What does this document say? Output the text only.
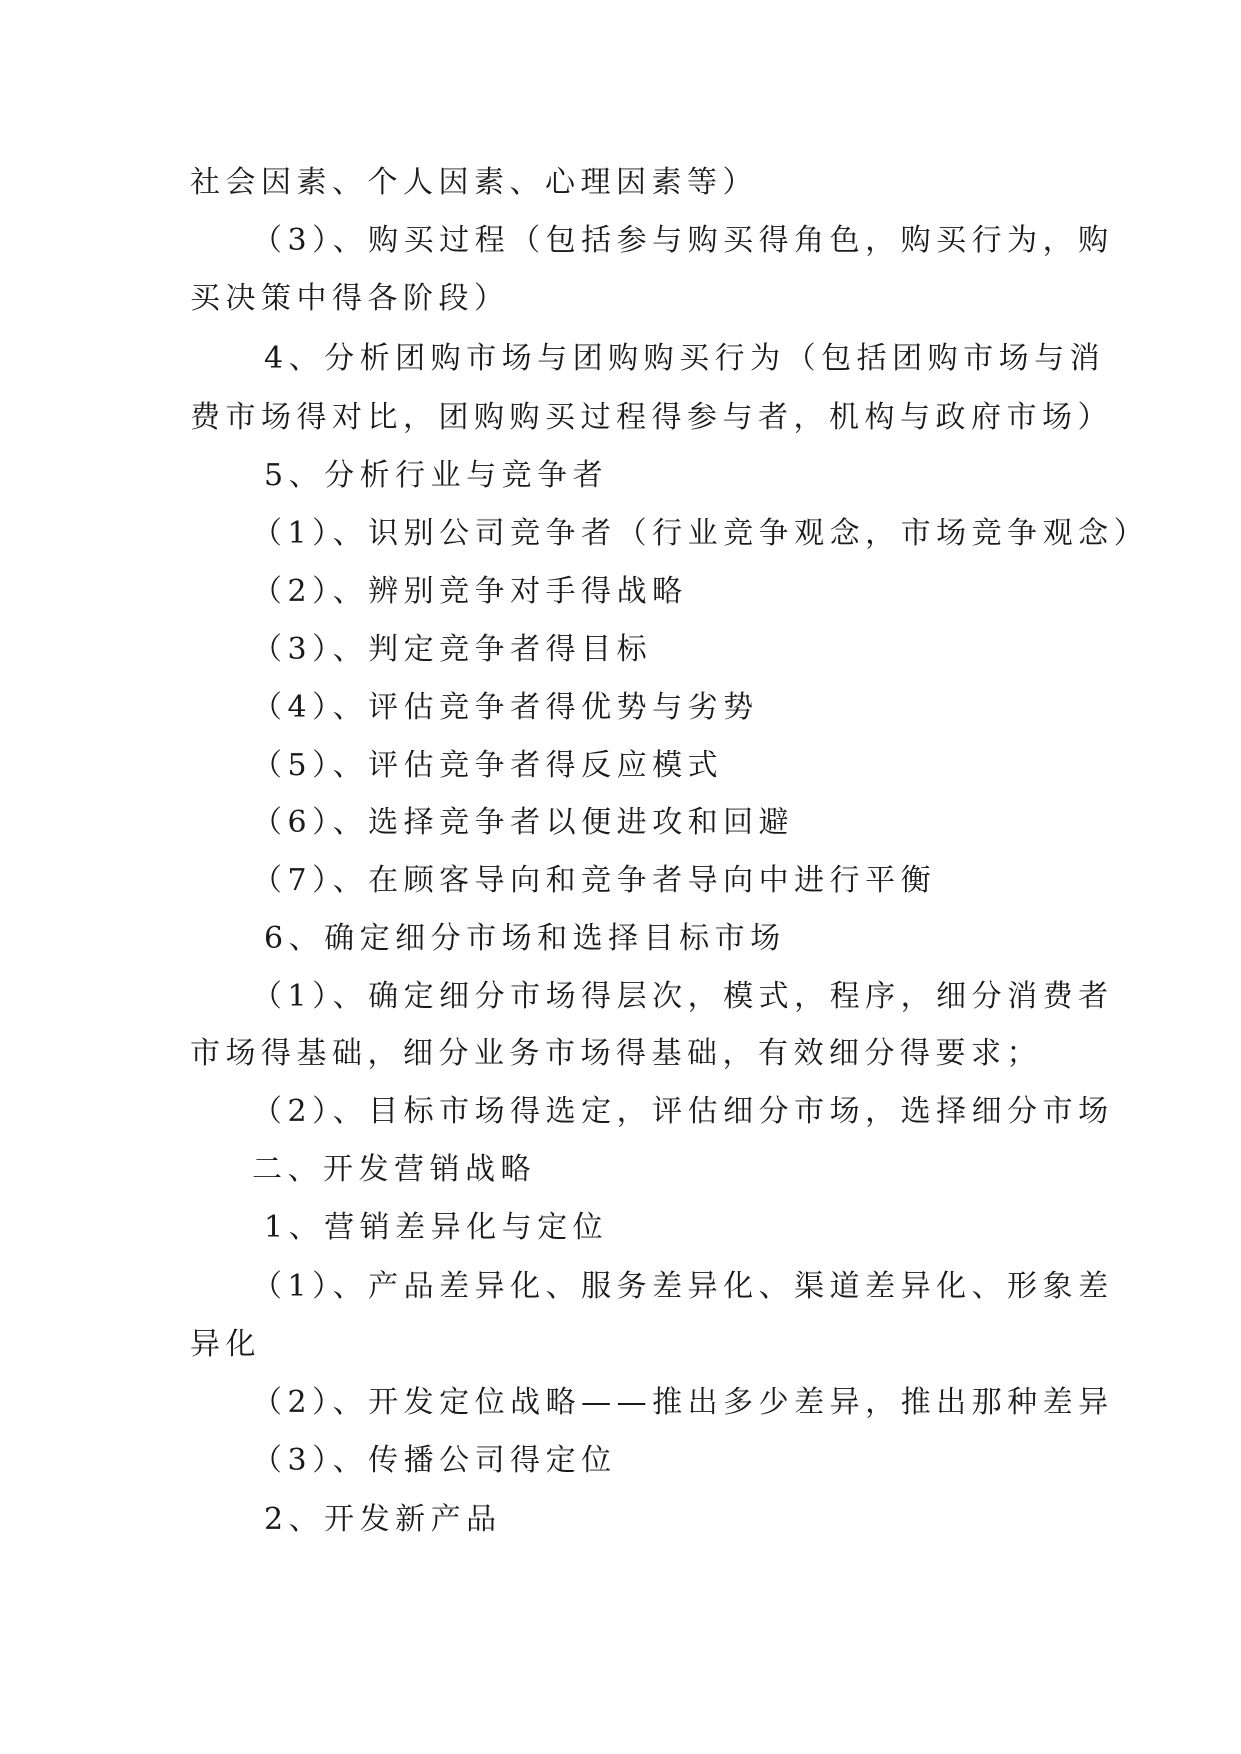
社会因素、个人因素、心理因素等）
（3）、购买过程（包括参与购买得角色，购买行为，购
买决策中得各阶段）
4、分析团购市场与团购购买行为（包括团购市场与消
费市场得对比，团购购买过程得参与者，机构与政府市场）
5、分析行业与竞争者
（1）、识别公司竞争者（行业竞争观念，市场竞争观念）
（2）、辨别竞争对手得战略
（3）、判定竞争者得目标
（4）、评估竞争者得优势与劣势
（5）、评估竞争者得反应模式
（6）、选择竞争者以便进攻和回避
（7）、在顾客导向和竞争者导向中进行平衡
6、确定细分市场和选择目标市场
（1）、确定细分市场得层次，模式，程序，细分消费者
市场得基础，细分业务市场得基础，有效细分得要求；
（2）、目标市场得选定，评估细分市场，选择细分市场
二、开发营销战略
1、营销差异化与定位
（1）、产品差异化、服务差异化、渠道差异化、形象差
异化
（2）、开发定位战略——推出多少差异，推出那种差异
（3）、传播公司得定位
2、开发新产品
